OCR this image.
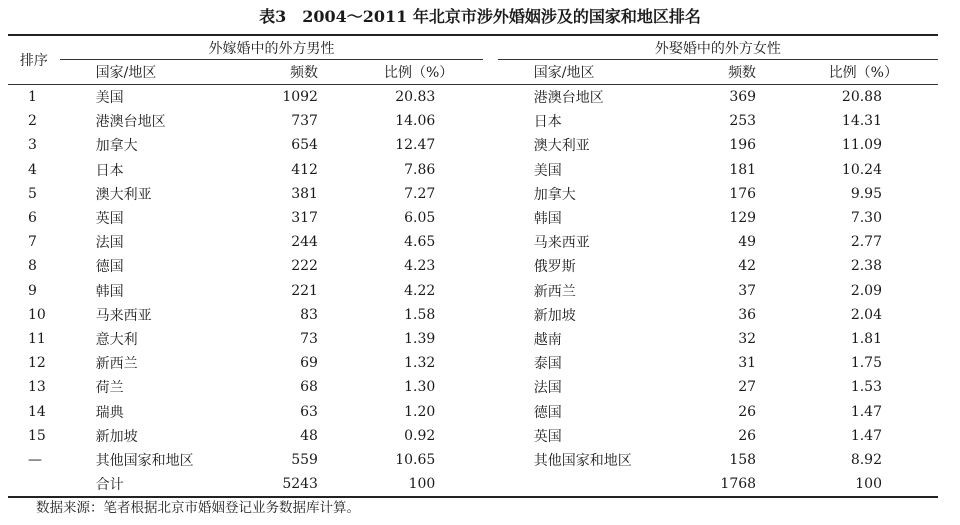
表3　2004～2011 年北京市涉外婚姻涉及的国家和地区排名
排序	外嫁婚中的外方男性				外娶婚中的外方女性		
	国家/地区	频数	比例（%）		国家/地区	频数	比例（%）
1	美国	1092	20.83		港澳台地区	369	20.88
2	港澳台地区	737	14.06		日本	253	14.31
3	加拿大	654	12.47		澳大利亚	196	11.09
4	日本	412	7.86		美国	181	10.24
5	澳大利亚	381	7.27		加拿大	176	9.95
6	英国	317	6.05		韩国	129	7.30
7	法国	244	4.65		马来西亚	49	2.77
8	德国	222	4.23		俄罗斯	42	2.38
9	韩国	221	4.22		新西兰	37	2.09
10	马来西亚	83	1.58		新加坡	36	2.04
11	意大利	73	1.39		越南	32	1.81
12	新西兰	69	1.32		泰国	31	1.75
13	荷兰	68	1.30		法国	27	1.53
14	瑞典	63	1.20		德国	26	1.47
15	新加坡	48	0.92		英国	26	1.47
—	其他国家和地区	559	10.65		其他国家和地区	158	8.92
	合计	5243	100			1768	100
数据来源：笔者根据北京市婚姻登记业务数据库计算。
